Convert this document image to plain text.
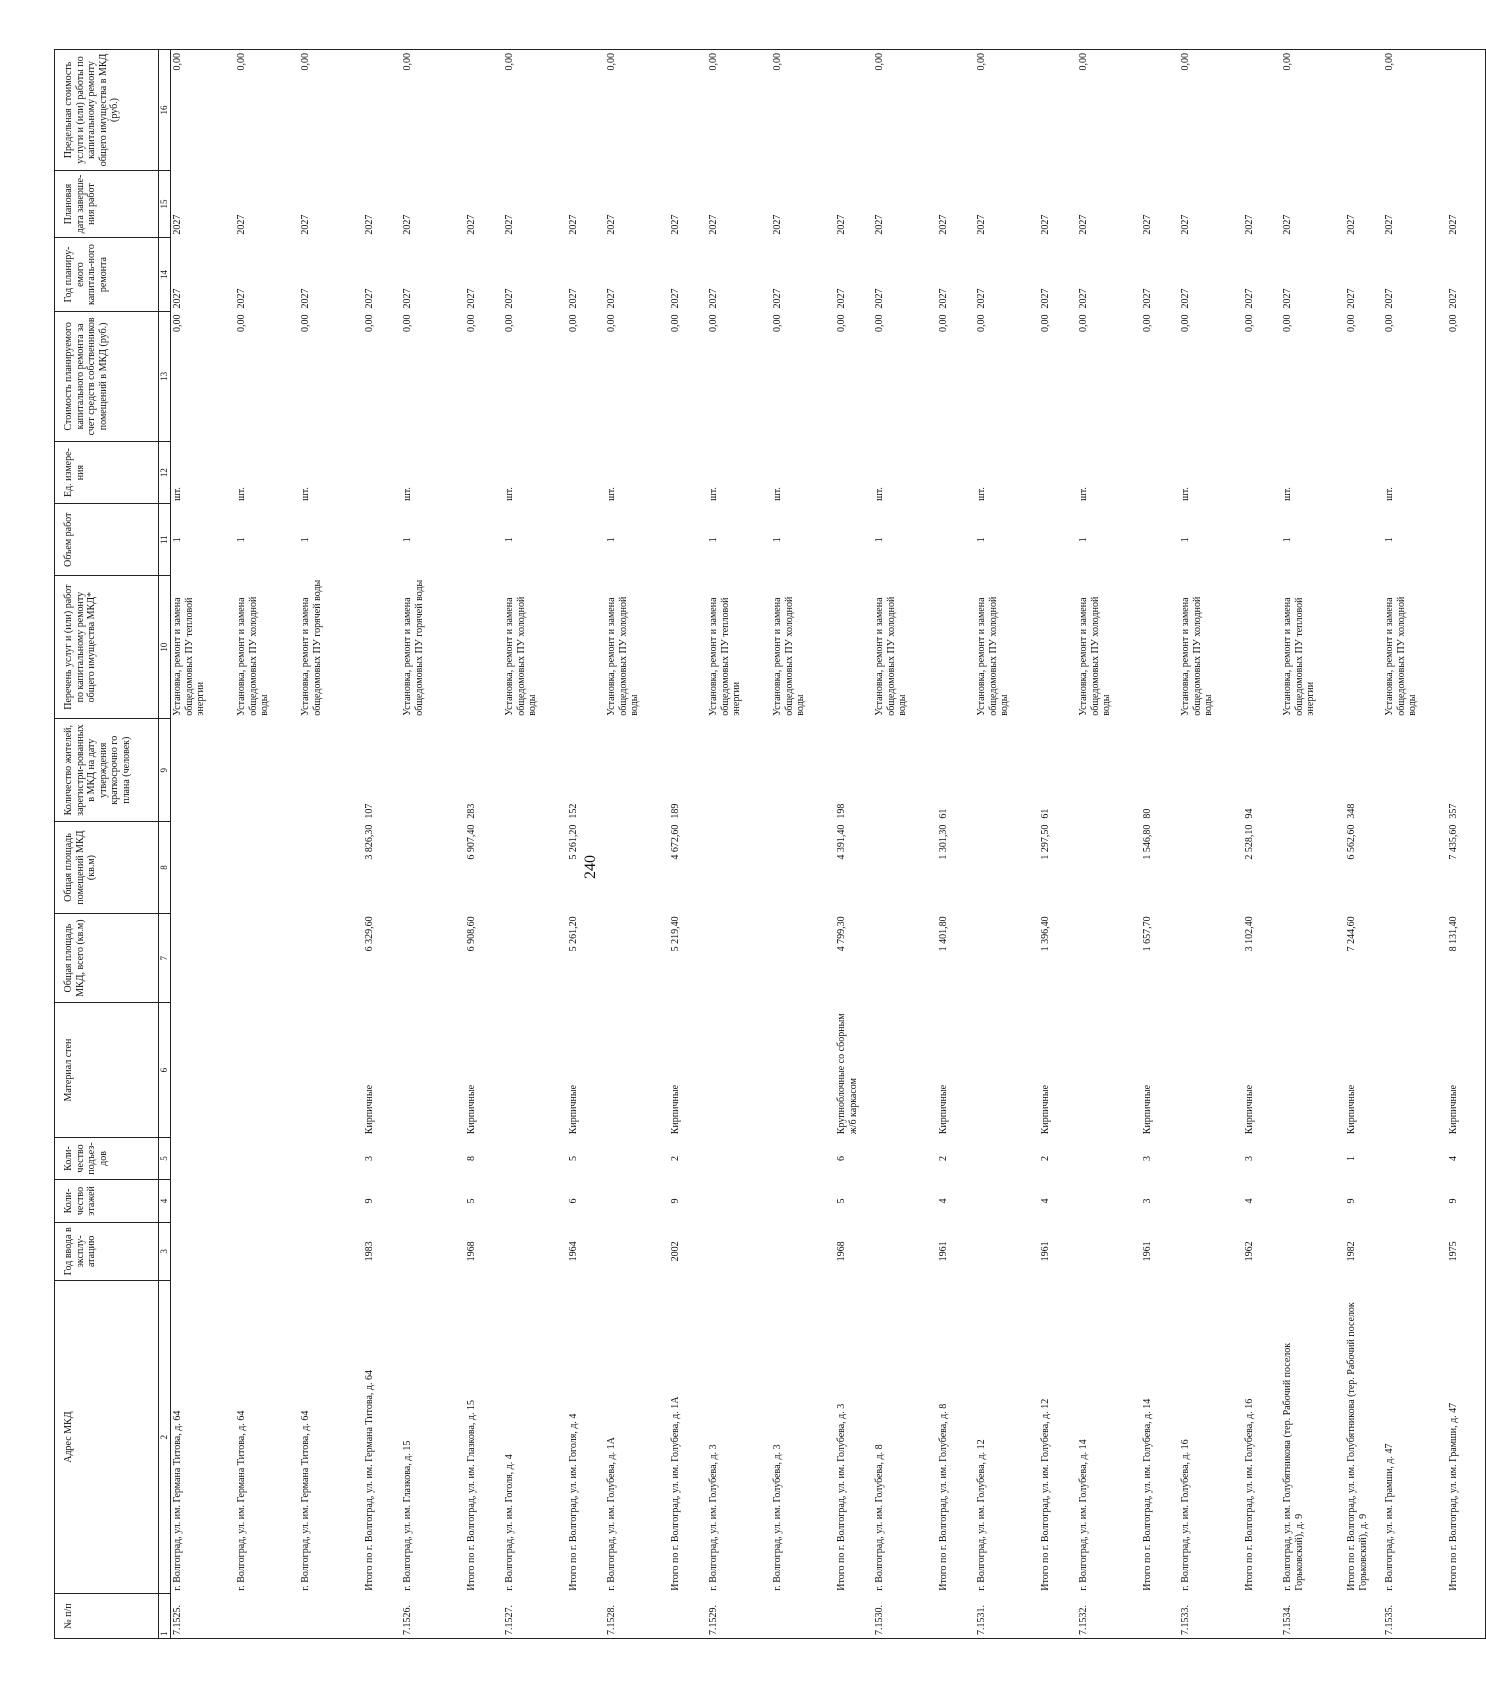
240
№ п/п	Адрес МКД	Год ввода в эксплу-атацию	Коли-чество этажей	Коли-чество подъез-дов	Материал стен	Общая площадь МКД, всего (кв.м)	Общая площадь помещений МКД (кв.м)	Количество жителей, зарегистри-рованных в МКД на дату утверждения краткосрочно го плана (человек)	Перечень услуг и (или) работ по капитальному ремонту общего имущества МКД*	Объем работ	Ед. измере-ния	Стоимость планируемого капитального ремонта за счет средств собственников помещений в МКД (руб.)	Год планиру-емого капиталь-ного ремонта	Плановая дата заверше-ния работ	Предельная стоимость услуги и (или) работы по капитальному ремонту общего имущества в МКД (руб.)
1	2	3	4	5	6	7	8	9	10	11	12	13	14	15	16
7.1525.	г. Волгоград, ул. им. Германа Титова, д. 64								Установка, ремонт и замена общедомовых ПУ тепловой энергии	1	шт.	0,00	2027	2027	0,00
	г. Волгоград, ул. им. Германа Титова, д. 64								Установка, ремонт и замена общедомовых ПУ холодной воды	1	шт.	0,00	2027	2027	0,00
	г. Волгоград, ул. им. Германа Титова, д. 64								Установка, ремонт и замена общедомовых ПУ горячей воды	1	шт.	0,00	2027	2027	0,00
	Итого по г. Волгоград, ул. им. Германа Титова, д. 64	1983	9	3	Кирпичные	6 329,60	3 826,30	107				0,00	2027	2027	
7.1526.	г. Волгоград, ул. им. Глазкова, д. 15								Установка, ремонт и замена общедомовых ПУ горячей воды	1	шт.	0,00	2027	2027	0,00
	Итого по г. Волгоград, ул. им. Глазкова, д. 15	1968	5	8	Кирпичные	6 908,60	6 907,40	283				0,00	2027	2027	
7.1527.	г. Волгоград, ул. им. Гоголя, д. 4								Установка, ремонт и замена общедомовых ПУ холодной воды	1	шт.	0,00	2027	2027	0,00
	Итого по г. Волгоград, ул. им. Гоголя, д. 4	1964	6	5	Кирпичные	5 261,20	5 261,20	152				0,00	2027	2027	
7.1528.	г. Волгоград, ул. им. Голубева, д. 1А								Установка, ремонт и замена общедомовых ПУ холодной воды	1	шт.	0,00	2027	2027	0,00
	Итого по г. Волгоград, ул. им. Голубева, д. 1А	2002	9	2	Кирпичные	5 219,40	4 672,60	189				0,00	2027	2027	
7.1529.	г. Волгоград, ул. им. Голубева, д. 3								Установка, ремонт и замена общедомовых ПУ тепловой энергии	1	шт.	0,00	2027	2027	0,00
	г. Волгоград, ул. им. Голубева, д. 3								Установка, ремонт и замена общедомовых ПУ холодной воды	1	шт.	0,00	2027	2027	0,00
	Итого по г. Волгоград, ул. им. Голубева, д. 3	1968	5	6	Крупноблочные со сборным ж/б каркасом	4 799,30	4 391,40	198				0,00	2027	2027	
7.1530.	г. Волгоград, ул. им. Голубева, д. 8								Установка, ремонт и замена общедомовых ПУ холодной воды	1	шт.	0,00	2027	2027	0,00
	Итого по г. Волгоград, ул. им. Голубева, д. 8	1961	4	2	Кирпичные	1 401,80	1 301,30	61				0,00	2027	2027	
7.1531.	г. Волгоград, ул. им. Голубева, д. 12								Установка, ремонт и замена общедомовых ПУ холодной воды	1	шт.	0,00	2027	2027	0,00
	Итого по г. Волгоград, ул. им. Голубева, д. 12	1961	4	2	Кирпичные	1 396,40	1 297,50	61				0,00	2027	2027	
7.1532.	г. Волгоград, ул. им. Голубева, д. 14								Установка, ремонт и замена общедомовых ПУ холодной воды	1	шт.	0,00	2027	2027	0,00
	Итого по г. Волгоград, ул. им. Голубева, д. 14	1961	3	3	Кирпичные	1 657,70	1 546,80	80				0,00	2027	2027	
7.1533.	г. Волгоград, ул. им. Голубева, д. 16								Установка, ремонт и замена общедомовых ПУ холодной воды	1	шт.	0,00	2027	2027	0,00
	Итого по г. Волгоград, ул. им. Голубева, д. 16	1962	4	3	Кирпичные	3 102,40	2 528,10	94				0,00	2027	2027	
7.1534.	г. Волгоград, ул. им. Голубятникова (тер. Рабочий поселок Горьковский), д. 9								Установка, ремонт и замена общедомовых ПУ тепловой энергии	1	шт.	0,00	2027	2027	0,00
	Итого по г. Волгоград, ул. им. Голубятникова (тер. Рабочий поселок Горьковский), д. 9	1982	9	1	Кирпичные	7 244,60	6 562,60	348				0,00	2027	2027	
7.1535.	г. Волгоград, ул. им. Грамши, д. 47								Установка, ремонт и замена общедомовых ПУ холодной воды	1	шт.	0,00	2027	2027	0,00
	Итого по г. Волгоград, ул. им. Грамши, д. 47	1975	9	4	Кирпичные	8 131,40	7 435,60	357				0,00	2027	2027	
